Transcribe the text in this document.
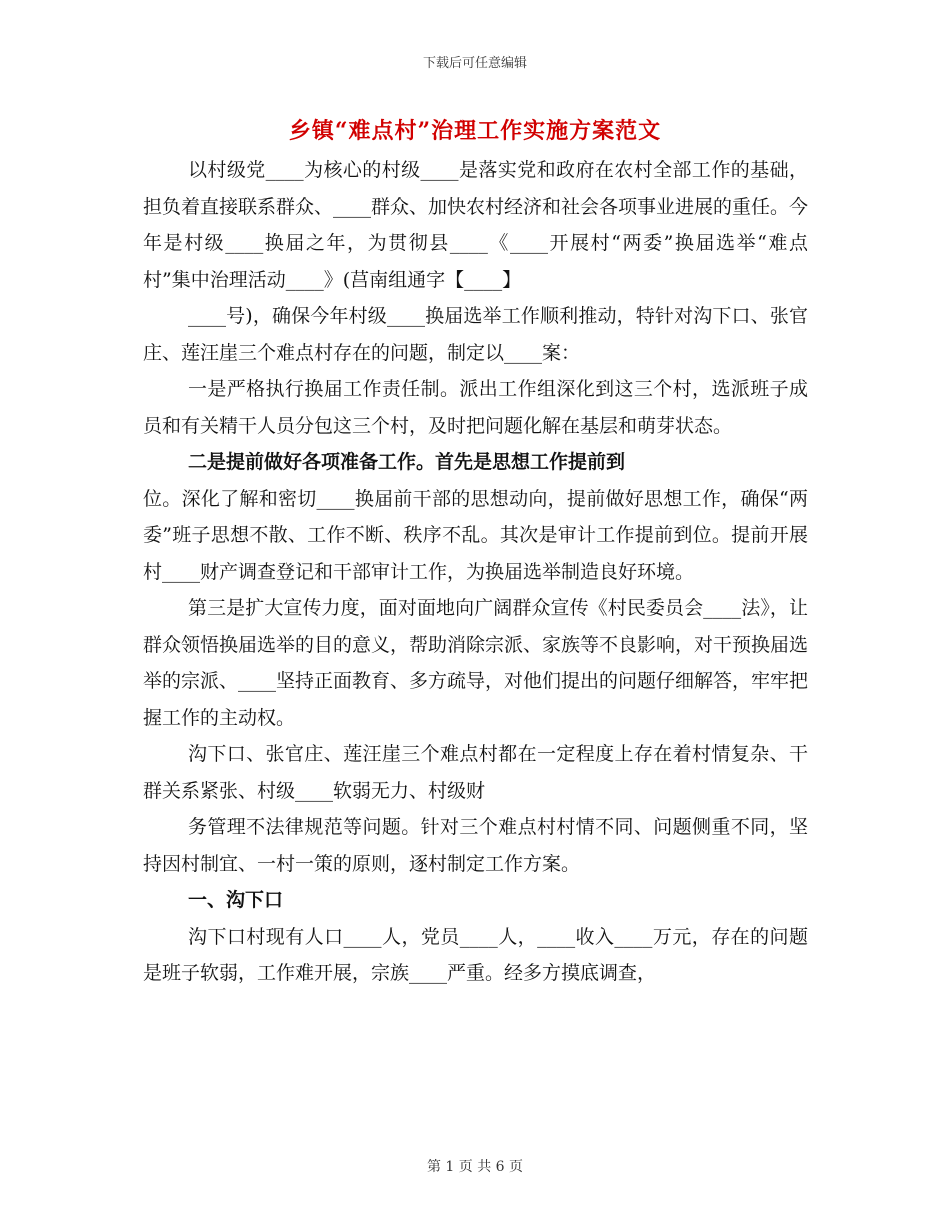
下载后可任意编辑
乡镇“难点村”治理工作实施方案范文

以村级党____为核心的村级____是落实党和政府在农村全部工作的基础，担负着直接联系群众、____群众、加快农村经济和社会各项事业进展的重任。今年是村级____换届之年，为贯彻县____《____开展村“两委”换届选举“难点村”集中治理活动____》(莒南组通字【____】

____号)，确保今年村级____换届选举工作顺利推动，特针对沟下口、张官庄、莲汪崖三个难点村存在的问题，制定以____案：

一是严格执行换届工作责任制。派出工作组深化到这三个村，选派班子成员和有关精干人员分包这三个村，及时把问题化解在基层和萌芽状态。

二是提前做好各项准备工作。首先是思想工作提前到

位。深化了解和密切____换届前干部的思想动向，提前做好思想工作，确保“两委”班子思想不散、工作不断、秩序不乱。其次是审计工作提前到位。提前开展村____财产调查登记和干部审计工作，为换届选举制造良好环境。

第三是扩大宣传力度，面对面地向广阔群众宣传《村民委员会____法》，让群众领悟换届选举的目的意义，帮助消除宗派、家族等不良影响，对干预换届选举的宗派、____坚持正面教育、多方疏导，对他们提出的问题仔细解答，牢牢把握工作的主动权。

沟下口、张官庄、莲汪崖三个难点村都在一定程度上存在着村情复杂、干群关系紧张、村级____软弱无力、村级财

务管理不法律规范等问题。针对三个难点村村情不同、问题侧重不同，坚持因村制宜、一村一策的原则，逐村制定工作方案。

一、沟下口

沟下口村现有人口____人，党员____人，____收入____万元，存在的问题是班子软弱，工作难开展，宗族____严重。经多方摸底调查，

第 1 页 共 6 页
